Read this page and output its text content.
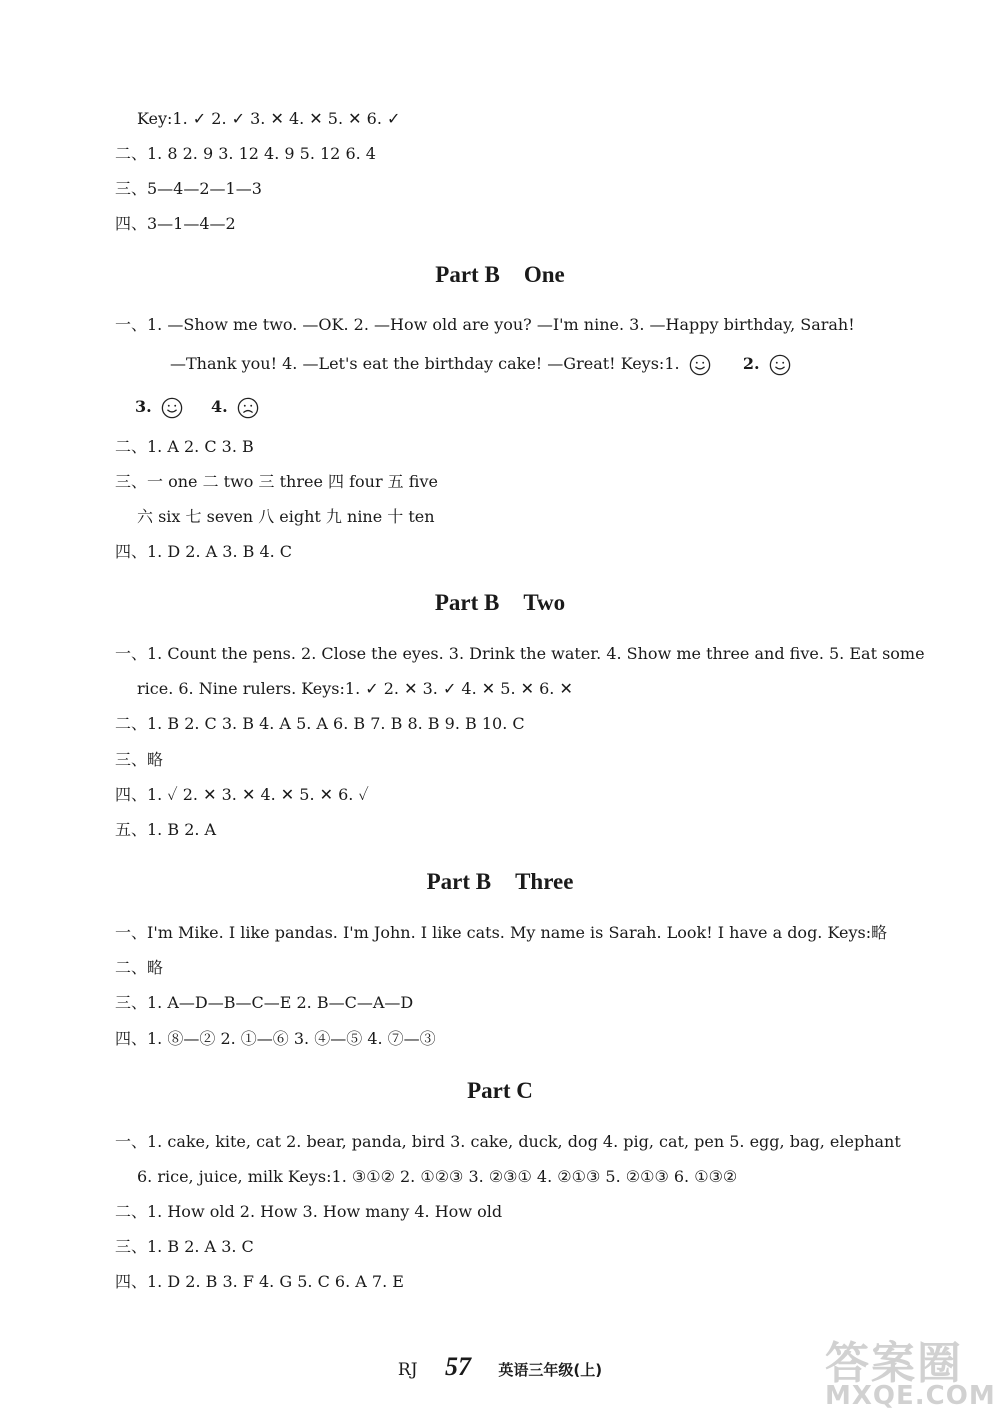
Key:1. ✓ 2. ✓ 3. ✕ 4. ✕ 5. ✕ 6. ✓
二、1. 8 2. 9 3. 12 4. 9 5. 12 6. 4
三、5—4—2—1—3
四、3—1—4—2
Part B One
一、1. —Show me two. —OK. 2. —How old are you? —I'm nine. 3. —Happy birthday, Sarah!
—Thank you! 4. —Let's eat the birthday cake! —Great! Keys:1.	2.
3.	4.
二、1. A 2. C 3. B
三、一 one 二 two 三 three 四 four 五 five
六 six 七 seven 八 eight 九 nine 十 ten
四、1. D 2. A 3. B 4. C
Part B Two
一、1. Count the pens. 2. Close the eyes. 3. Drink the water. 4. Show me three and five. 5. Eat some
rice. 6. Nine rulers. Keys:1. ✓ 2. ✕ 3. ✓ 4. ✕ 5. ✕ 6. ✕
二、1. B 2. C 3. B 4. A 5. A 6. B 7. B 8. B 9. B 10. C
三、略
四、1. ✓ 2. ✕ 3. ✕ 4. ✕ 5. ✕ 6. ✓
五、1. B 2. A
Part B Three
一、I'm Mike. I like pandas. I'm John. I like cats. My name is Sarah. Look! I have a dog. Keys:略
二、略
三、1. A—D—B—C—E 2. B—C—A—D
四、1. ⑧—② 2. ①—⑥ 3. ④—⑤ 4. ⑦—③
Part C
一、1. cake, kite, cat 2. bear, panda, bird 3. cake, duck, dog 4. pig, cat, pen 5. egg, bag, elephant
6. rice, juice, milk Keys:1. ③①② 2. ①②③ 3. ②③① 4. ②①③ 5. ②①③ 6. ①③②
二、1. How old 2. How 3. How many 4. How old
三、1. B 2. A 3. C
四、1. D 2. B 3. F 4. G 5. C 6. A 7. E
RJ 57 英语三年级(上)	答案圈
MXQE.COM
